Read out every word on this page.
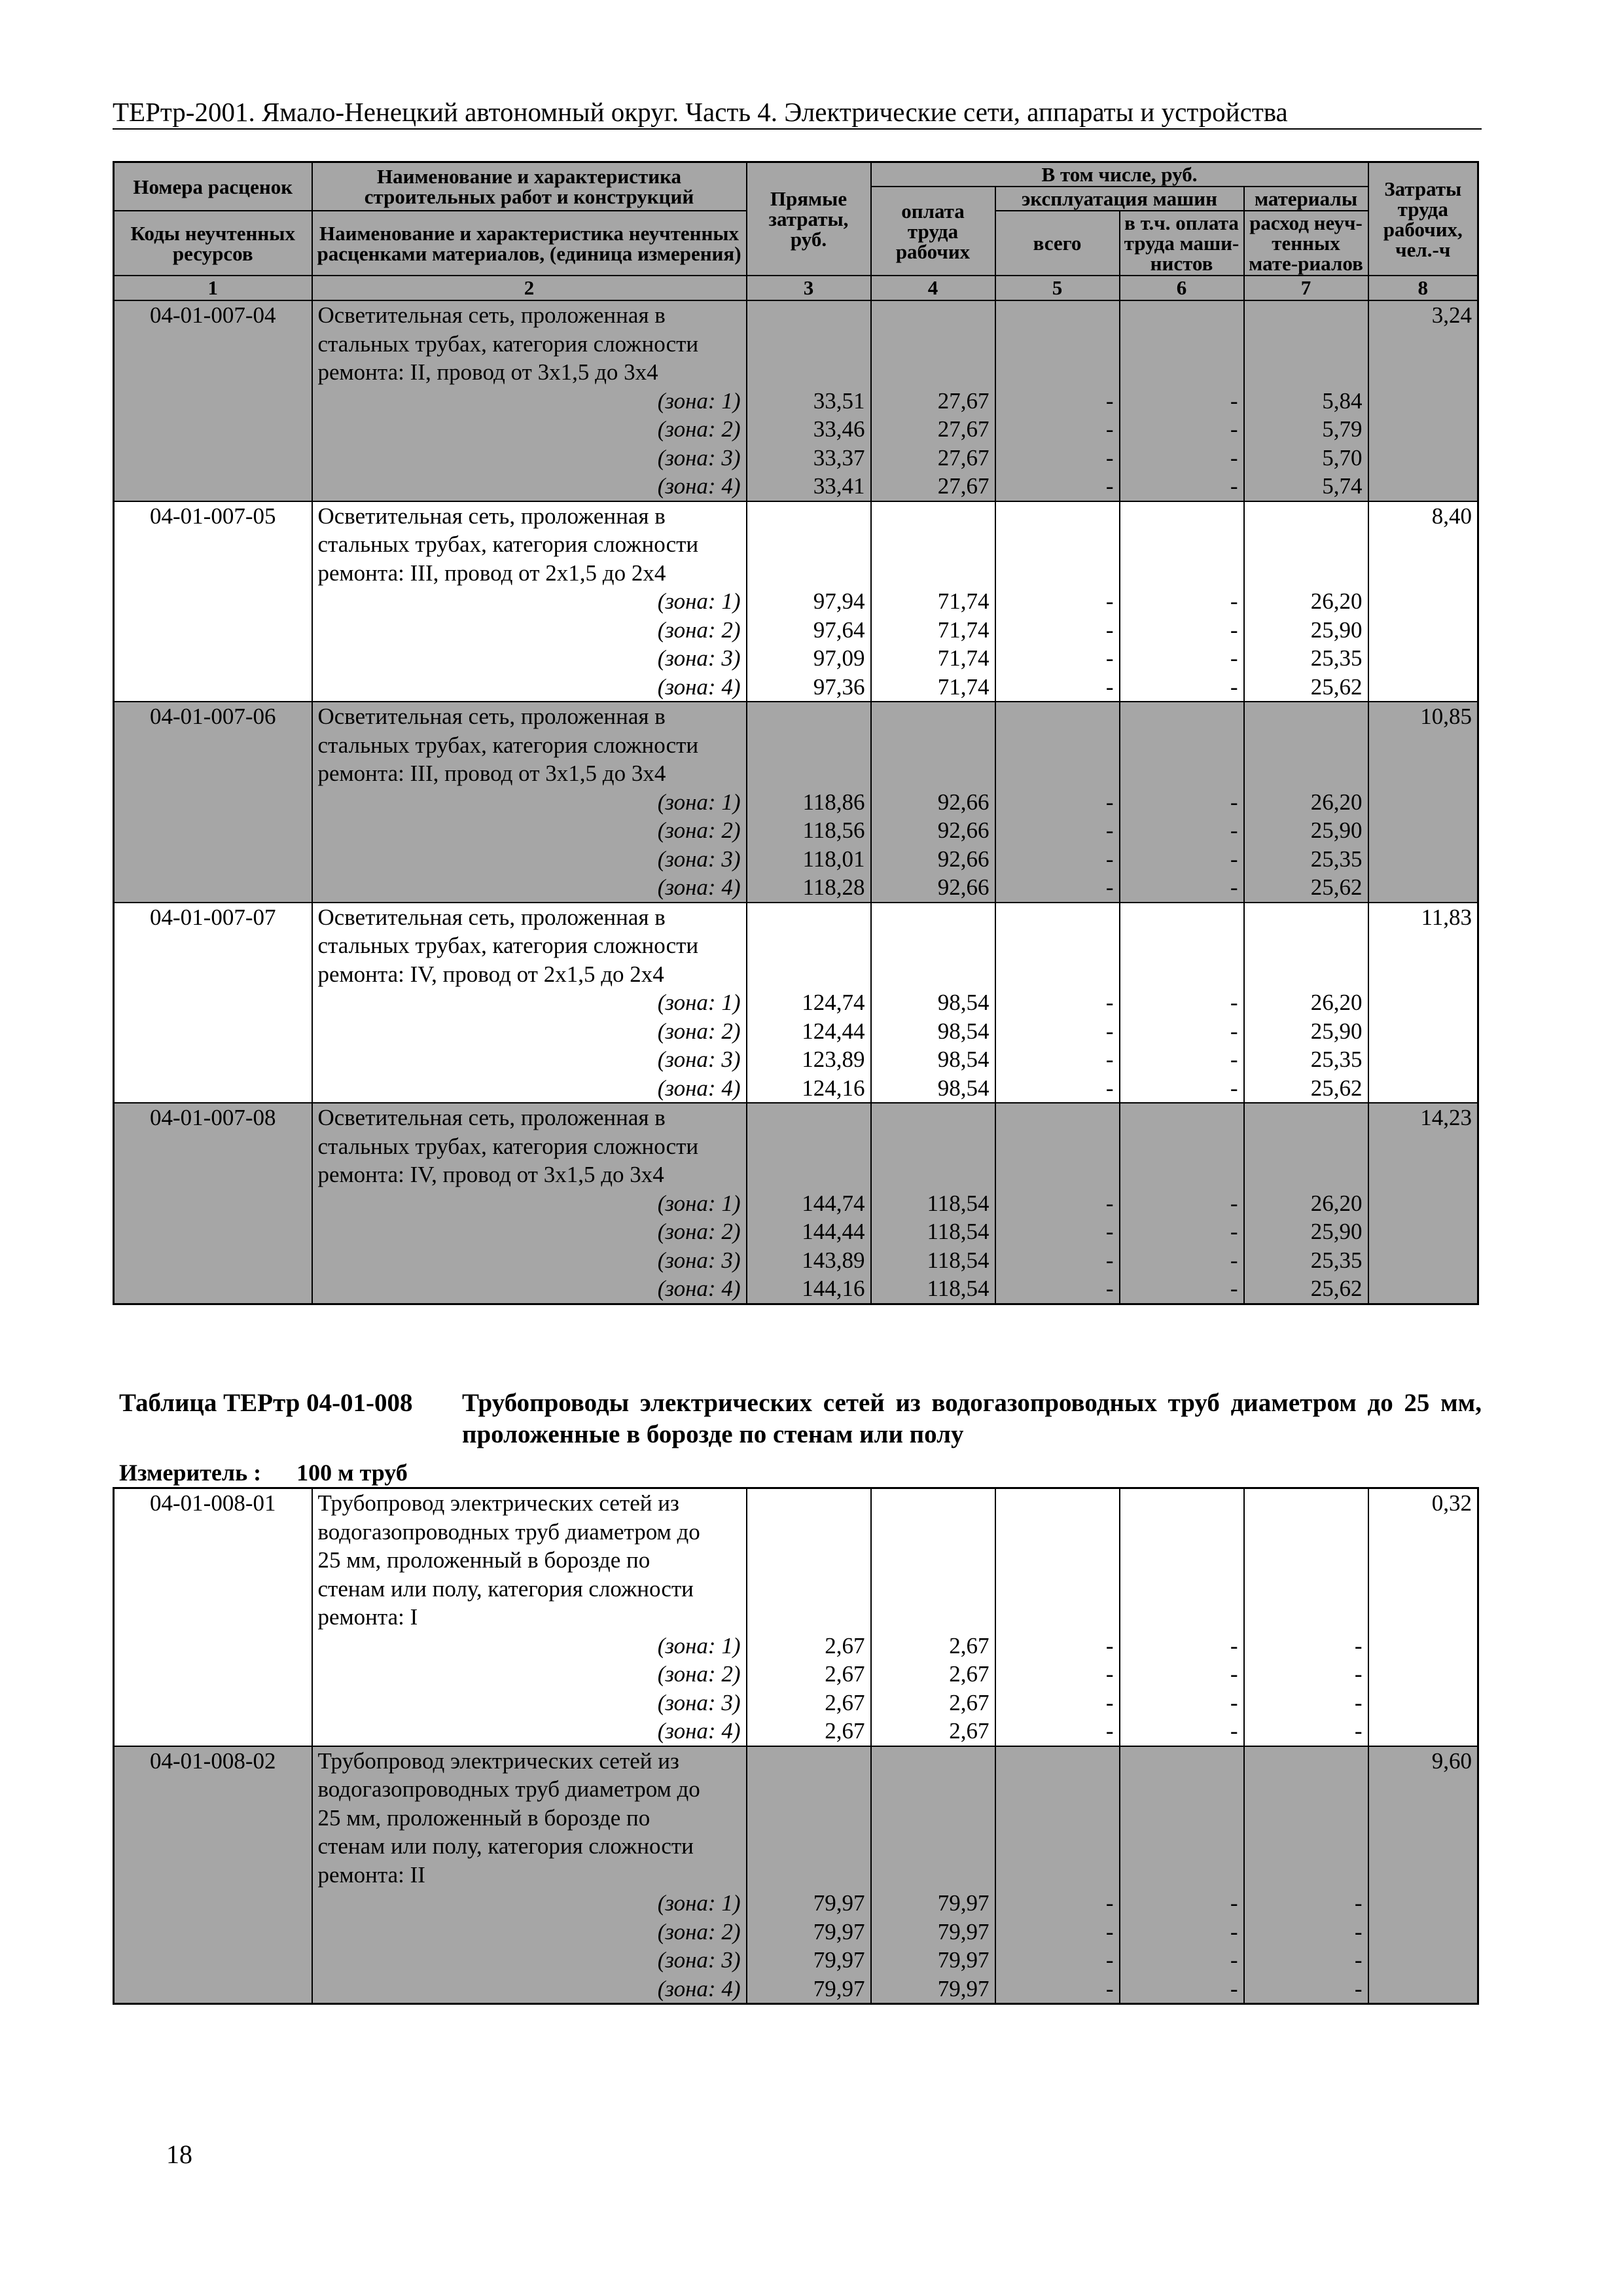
ТЕРтр-2001. Ямало-Ненецкий автономный округ. Часть 4. Электрические сети, аппараты и устройства
Номера расценок	Наименование и характеристика строительных работ и конструкций	Прямые затраты, руб.	В том числе, руб.				Затраты труда рабочих, чел.-ч
			оплата труда рабочих	эксплуатация машин		материалы	
Коды неучтенных ресурсов	Наименование и характеристика неучтенных расценками материалов, (единица измерения)			всего	в т.ч. оплата труда маши-нистов	расход неуч-тенных мате-риалов	

1	2	3	4	5	6	7	8
04-01-007-04	Осветительная сеть, проложенная в						3,24
	стальных трубах, категория сложности						
	ремонта: II, провод от 3х1,5 до 3х4						
	(зона: 1)	33,51	27,67	-	-	5,84	
	(зона: 2)	33,46	27,67	-	-	5,79	
	(зона: 3)	33,37	27,67	-	-	5,70	
	(зона: 4)	33,41	27,67	-	-	5,74	
04-01-007-05	Осветительная сеть, проложенная в						8,40
	стальных трубах, категория сложности						
	ремонта: III, провод от 2х1,5 до 2х4						
	(зона: 1)	97,94	71,74	-	-	26,20	
	(зона: 2)	97,64	71,74	-	-	25,90	
	(зона: 3)	97,09	71,74	-	-	25,35	
	(зона: 4)	97,36	71,74	-	-	25,62	
04-01-007-06	Осветительная сеть, проложенная в						10,85
	стальных трубах, категория сложности						
	ремонта: III, провод от 3х1,5 до 3х4						
	(зона: 1)	118,86	92,66	-	-	26,20	
	(зона: 2)	118,56	92,66	-	-	25,90	
	(зона: 3)	118,01	92,66	-	-	25,35	
	(зона: 4)	118,28	92,66	-	-	25,62	
04-01-007-07	Осветительная сеть, проложенная в						11,83
	стальных трубах, категория сложности						
	ремонта: IV, провод от 2х1,5 до 2х4						
	(зона: 1)	124,74	98,54	-	-	26,20	
	(зона: 2)	124,44	98,54	-	-	25,90	
	(зона: 3)	123,89	98,54	-	-	25,35	
	(зона: 4)	124,16	98,54	-	-	25,62	
04-01-007-08	Осветительная сеть, проложенная в						14,23
	стальных трубах, категория сложности						
	ремонта: IV, провод от 3х1,5 до 3х4						
	(зона: 1)	144,74	118,54	-	-	26,20	
	(зона: 2)	144,44	118,54	-	-	25,90	
	(зона: 3)	143,89	118,54	-	-	25,35	
	(зона: 4)	144,16	118,54	-	-	25,62	
Таблица ТЕРтр 04-01-008 Трубопроводы электрических сетей из водогазопроводных труб диаметром до 25 мм, проложенные в борозде по стенам или полу
Измеритель : 100 м труб
04-01-008-01	Трубопровод электрических сетей из						0,32
	водогазопроводных труб диаметром до						
	25 мм, проложенный в борозде по						
	стенам или полу, категория сложности						
	ремонта: I						
	(зона: 1)	2,67	2,67	-	-	-	
	(зона: 2)	2,67	2,67	-	-	-	
	(зона: 3)	2,67	2,67	-	-	-	
	(зона: 4)	2,67	2,67	-	-	-	
04-01-008-02	Трубопровод электрических сетей из						9,60
	водогазопроводных труб диаметром до						
	25 мм, проложенный в борозде по						
	стенам или полу, категория сложности						
	ремонта: II						
	(зона: 1)	79,97	79,97	-	-	-	
	(зона: 2)	79,97	79,97	-	-	-	
	(зона: 3)	79,97	79,97	-	-	-	
	(зона: 4)	79,97	79,97	-	-	-	
18
